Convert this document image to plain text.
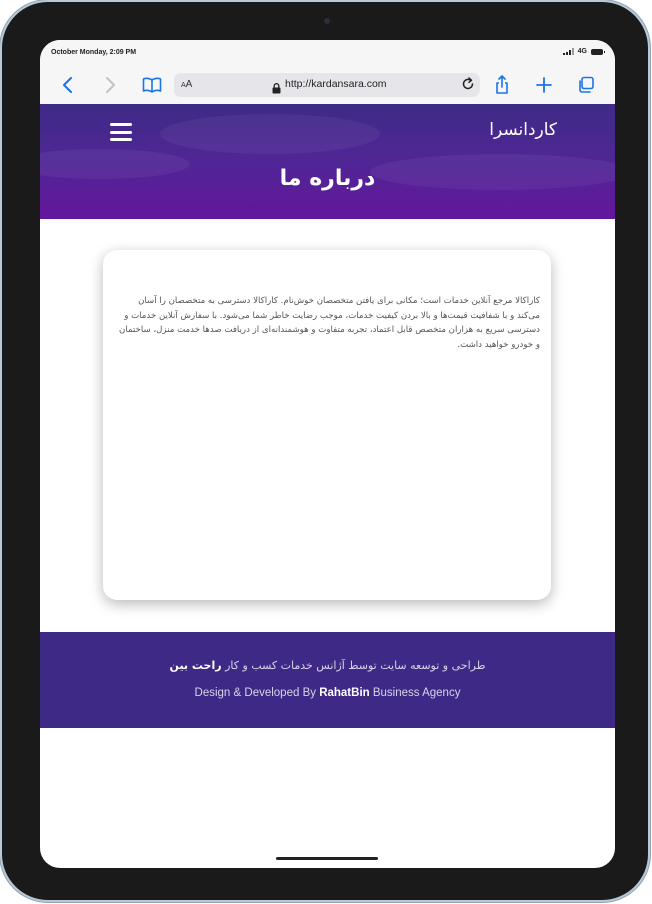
October Monday, 2:09 PM	4G
AA	http://kardansara.com
کاردانسرا
درباره ما
کاراکالا مرجع آنلاین خدمات است؛ مکانی برای یافتن متخصصان خوش‌نام. کاراکالا دسترسی به متخصصان را آسان می‌کند و با شفافیت قیمت‌ها و بالا بردن کیفیت خدمات، موجب رضایت خاطر شما می‌شود. با سفارش آنلاین خدمات و دسترسی سریع به هزاران متخصص قابل اعتماد، تجربه متفاوت و هوشمندانه‌ای از دریافت صدها خدمت منزل، ساختمان و خودرو خواهید داشت.
طراحی و توسعه سایت توسط آژانس خدمات کسب و کار راحت بین
Design & Developed By RahatBin Business Agency
